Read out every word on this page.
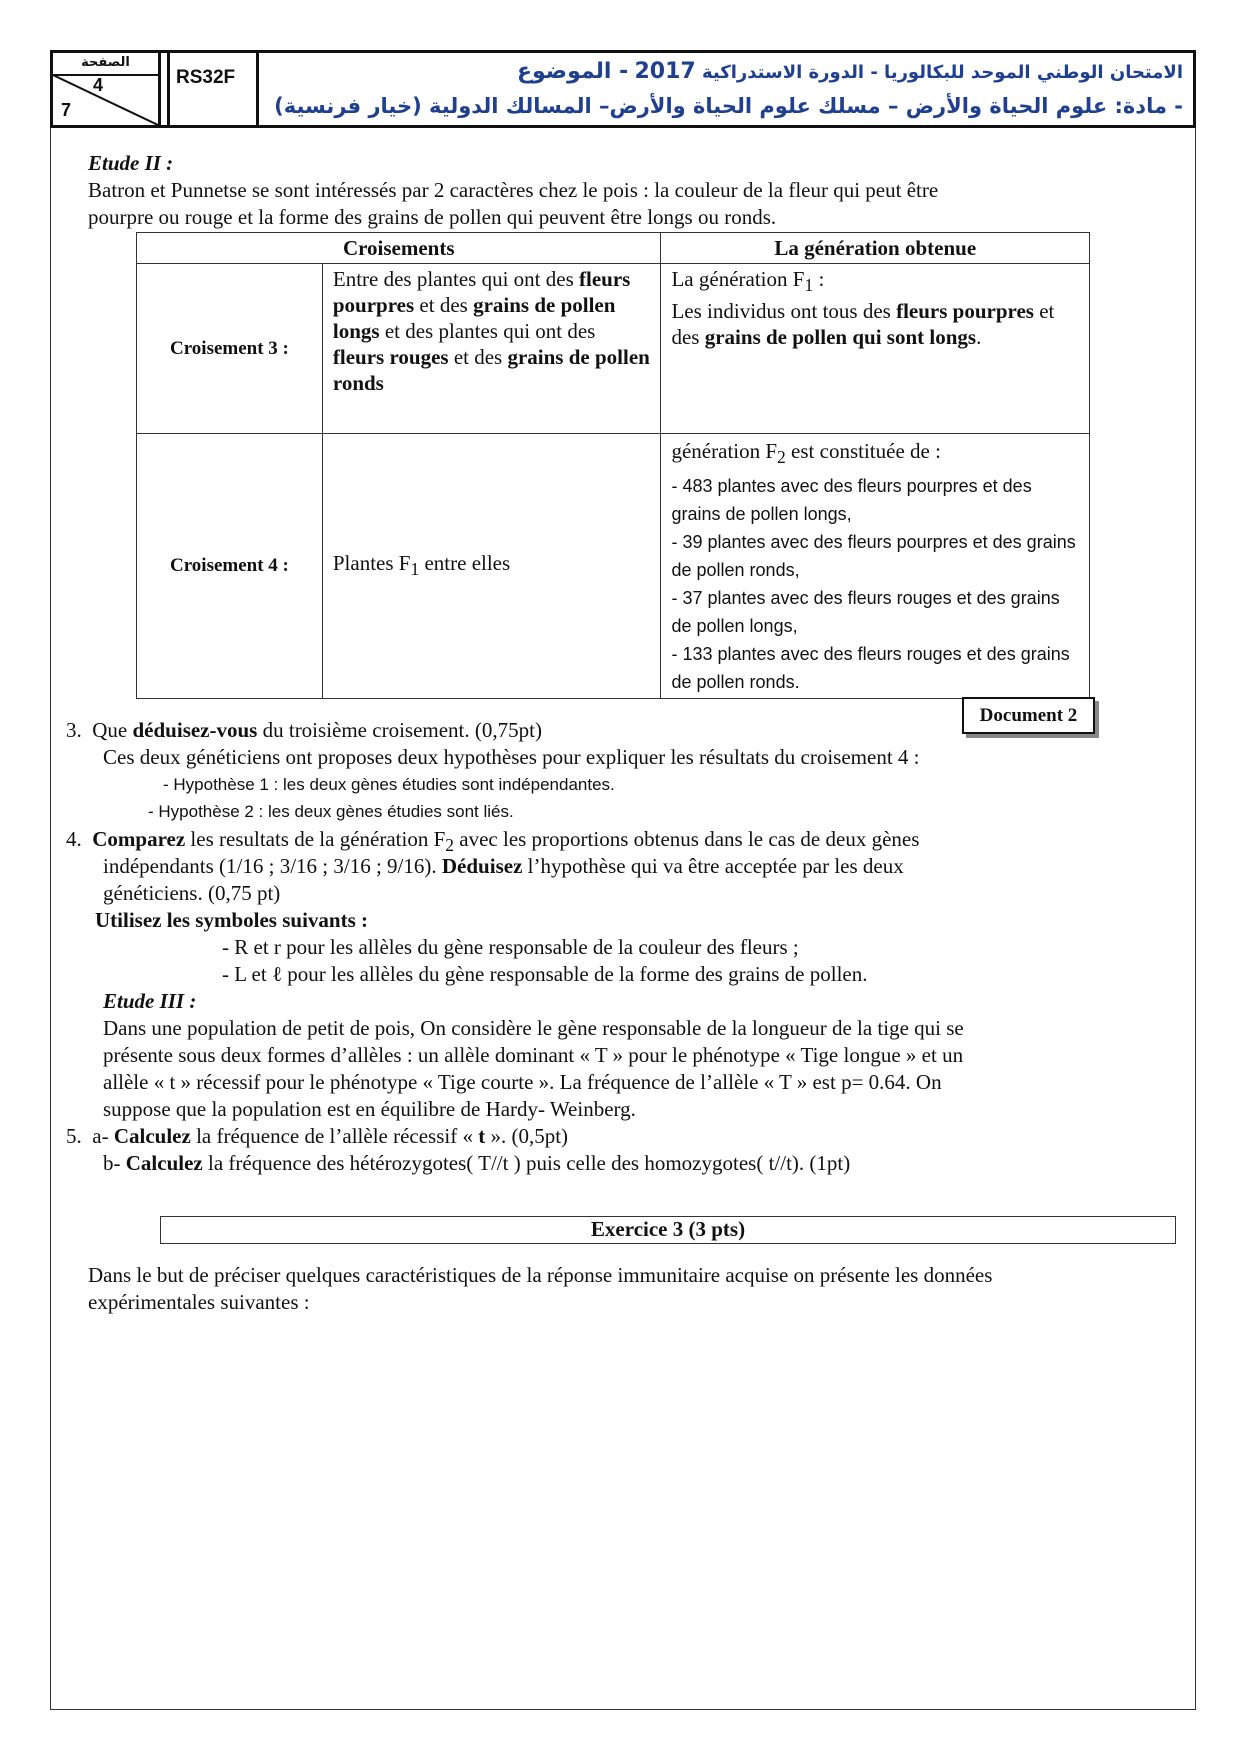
الصفحة
4
7
RS32F	الامتحان الوطني الموحد للبكالوريا - الدورة الاستدراكية 2017 - الموضوع
- مادة: علوم الحياة والأرض – مسلك علوم الحياة والأرض– المسالك الدولية (خيار فرنسية)

Etude II :

Batron et Punnetse se sont intéressés par 2 caractères chez le pois : la couleur de la fleur qui peut être

pourpre ou rouge et la forme des grains de pollen qui peuvent être longs ou ronds.

Croisements		La génération obtenue
Croisement 3 :	Entre des plantes qui ont des fleurs pourpres et des grains de pollen longs et des plantes qui ont des fleurs rouges et des grains de pollen ronds	La génération $F_1$ :
Les individus ont tous des fleurs pourpres et des grains de pollen qui sont longs.
Croisement 4 :	Plantes $F_1$ entre elles	génération $F_2$ est constituée de :
- 483 plantes avec des fleurs pourpres et des grains de pollen longs,
- 39 plantes avec des fleurs pourpres et des grains de pollen ronds,
- 37 plantes avec des fleurs rouges et des grains de pollen longs,
- 133 plantes avec des fleurs rouges et des grains de pollen ronds.
Document 2

3. Que déduisez-vous du troisième croisement. (0,75pt)

Ces deux généticiens ont proposes deux hypothèses pour expliquer les résultats du croisement 4 :

- Hypothèse 1 : les deux gènes étudies sont indépendantes.

- Hypothèse 2 : les deux gènes étudies sont liés.

4. Comparez les resultats de la génération $F_2$ avec les proportions obtenus dans le cas de deux gènes

indépendants (1/16 ; 3/16 ; 3/16 ; 9/16). Déduisez l’hypothèse qui va être acceptée par les deux

généticiens. (0,75 pt)

Utilisez les symboles suivants :

- R et r pour les allèles du gène responsable de la couleur des fleurs ;

- L et ℓ pour les allèles du gène responsable de la forme des grains de pollen.

Etude III :

Dans une population de petit de pois, On considère le gène responsable de la longueur de la tige qui se

présente sous deux formes d’allèles : un allèle dominant « T » pour le phénotype « Tige longue » et un

allèle « t » récessif pour le phénotype « Tige courte ». La fréquence de l’allèle « T » est p= 0.64. On

suppose que la population est en équilibre de Hardy- Weinberg.

5. a- Calculez la fréquence de l’allèle récessif « t ». (0,5pt)

b- Calculez la fréquence des hétérozygotes( T//t ) puis celle des homozygotes( t//t). (1pt)

Exercice 3 (3 pts)

Dans le but de préciser quelques caractéristiques de la réponse immunitaire acquise on présente les données

expérimentales suivantes :
